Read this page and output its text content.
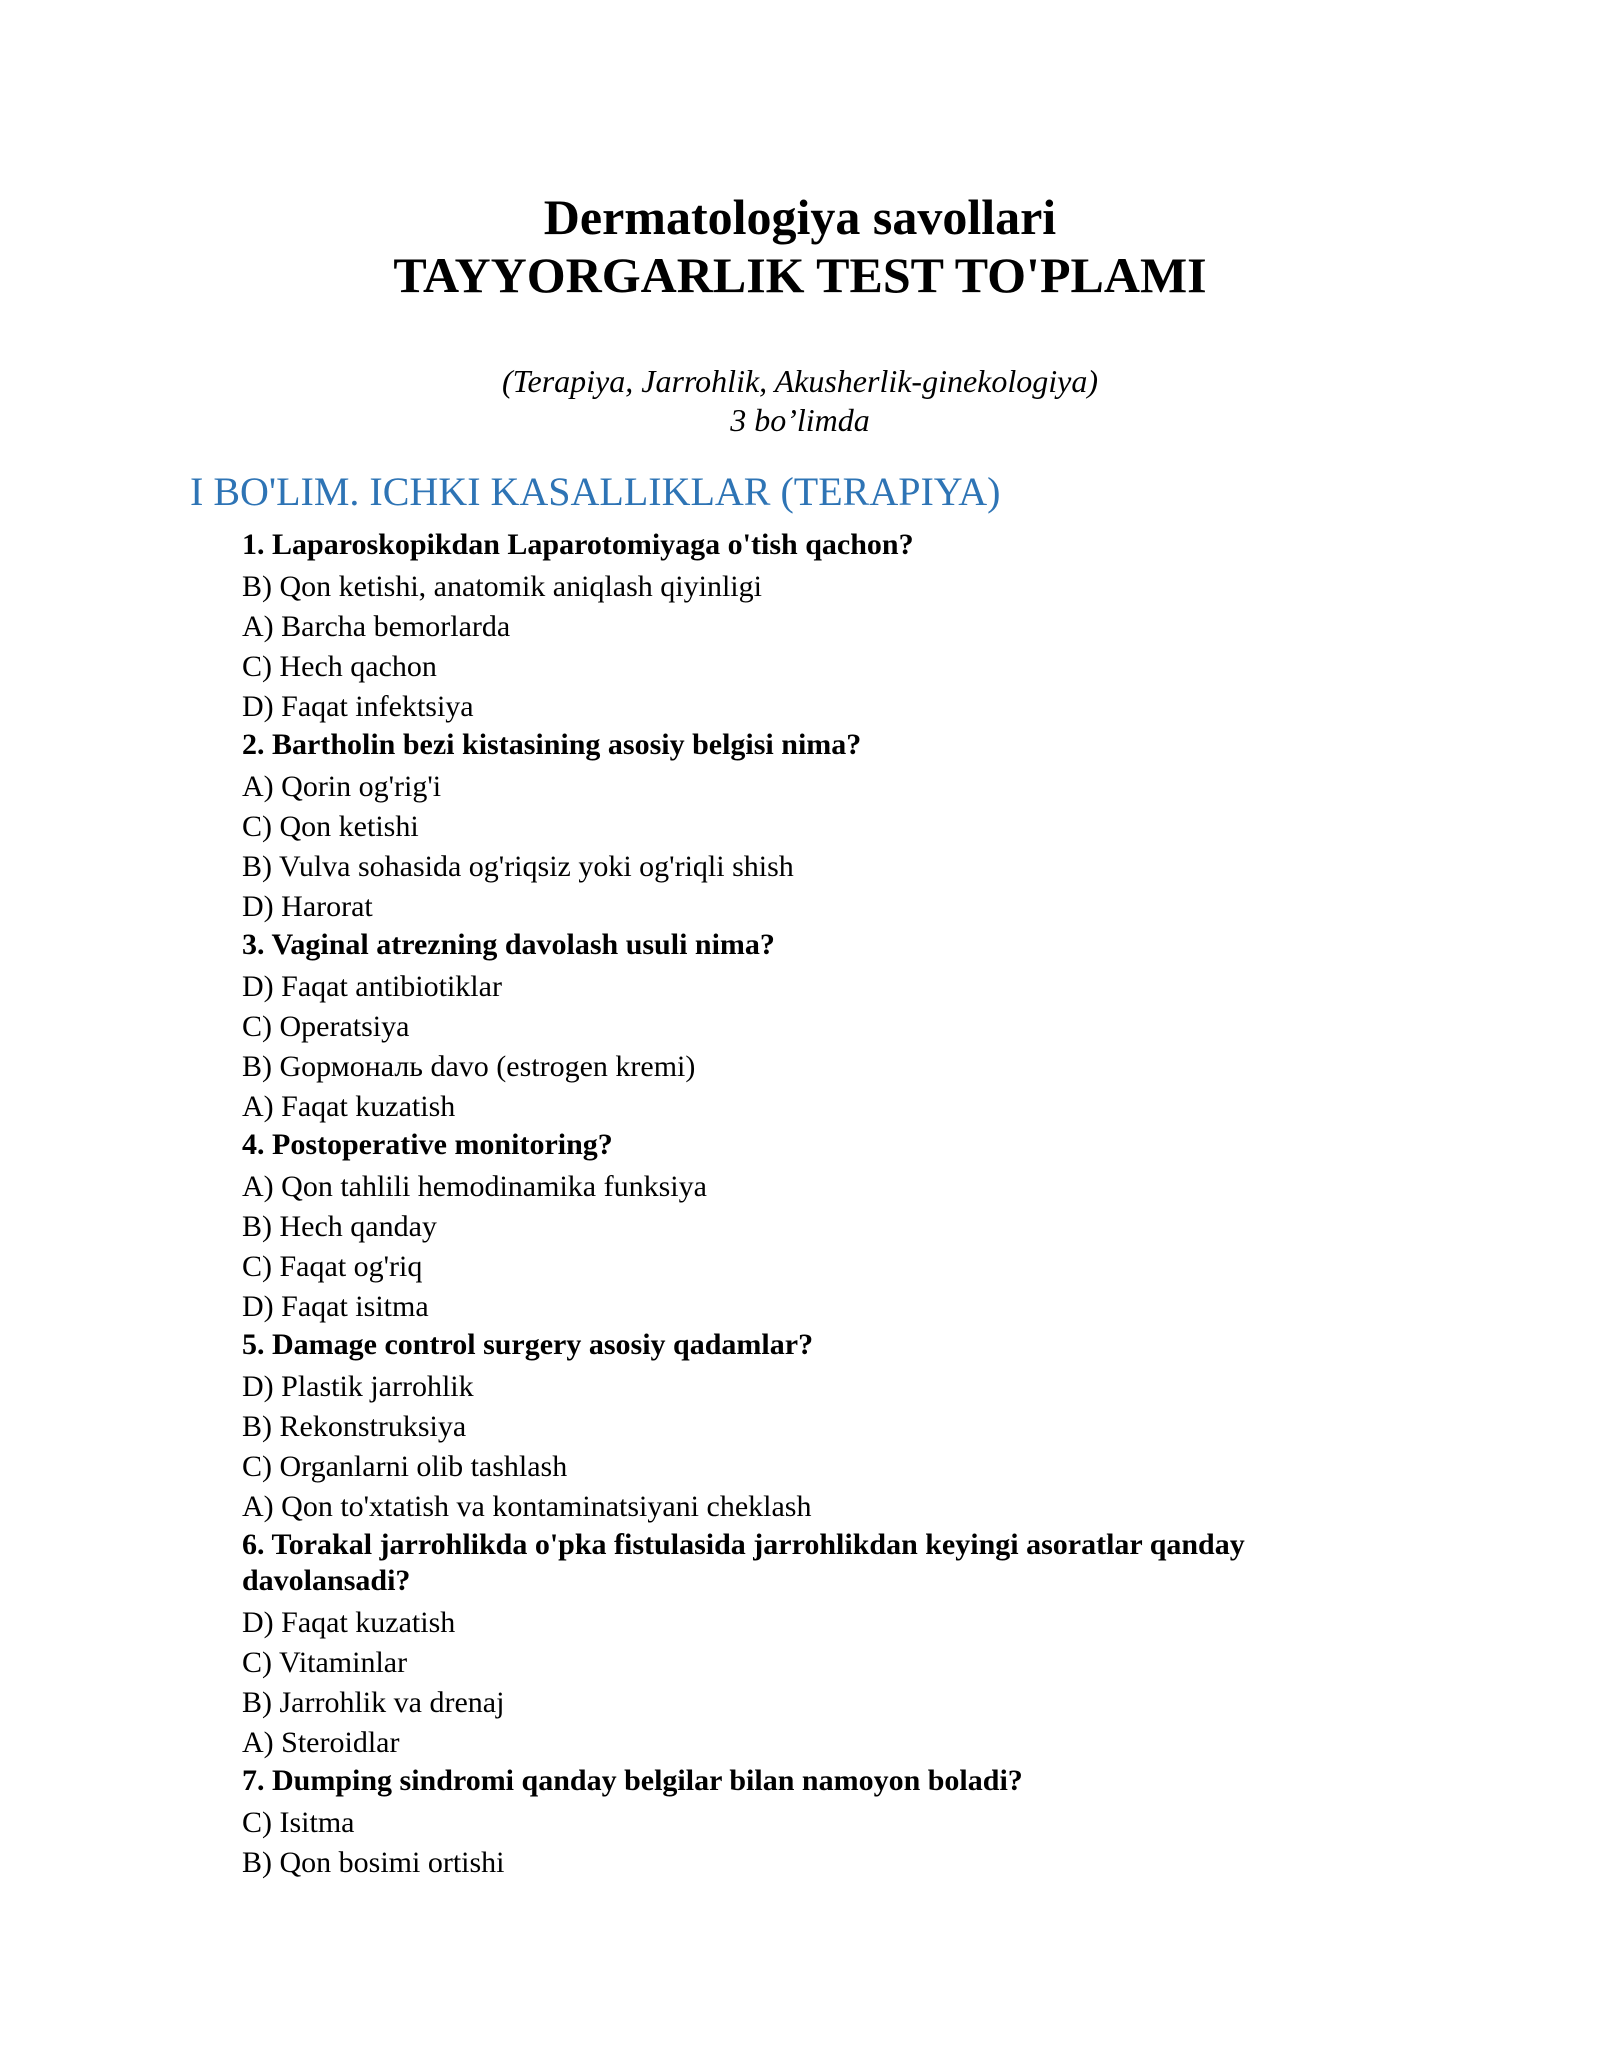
Dermatologiya savollari

TAYYORGARLIK TEST TO'PLAMI

(Terapiya, Jarrohlik, Akusherlik-ginekologiya)

3 bo’limda

I BO'LIM. ICHKI KASALLIKLAR (TERAPIYA)

1. Laparoskopikdan Laparotomiyaga o'tish qachon?

B) Qon ketishi, anatomik aniqlash qiyinligi

A) Barcha bemorlarda

C) Hech qachon

D) Faqat infektsiya

2. Bartholin bezi kistasining asosiy belgisi nima?

A) Qorin og'rig'i

C) Qon ketishi

B) Vulva sohasida og'riqsiz yoki og'riqli shish

D) Harorat

3. Vaginal atrezning davolash usuli nima?

D) Faqat antibiotiklar

C) Operatsiya

B) Gормональ davo (estrogen kremi)

A) Faqat kuzatish

4. Postoperative monitoring?

A) Qon tahlili hemodinamika funksiya

B) Hech qanday

C) Faqat og'riq

D) Faqat isitma

5. Damage control surgery asosiy qadamlar?

D) Plastik jarrohlik

B) Rekonstruksiya

C) Organlarni olib tashlash

A) Qon to'xtatish va kontaminatsiyani cheklash

6. Torakal jarrohlikda o'pka fistulasida jarrohlikdan keyingi asoratlar qanday davolansadi?

D) Faqat kuzatish

C) Vitaminlar

B) Jarrohlik va drenaj

A) Steroidlar

7. Dumping sindromi qanday belgilar bilan namoyon boladi?

C) Isitma

B) Qon bosimi ortishi
